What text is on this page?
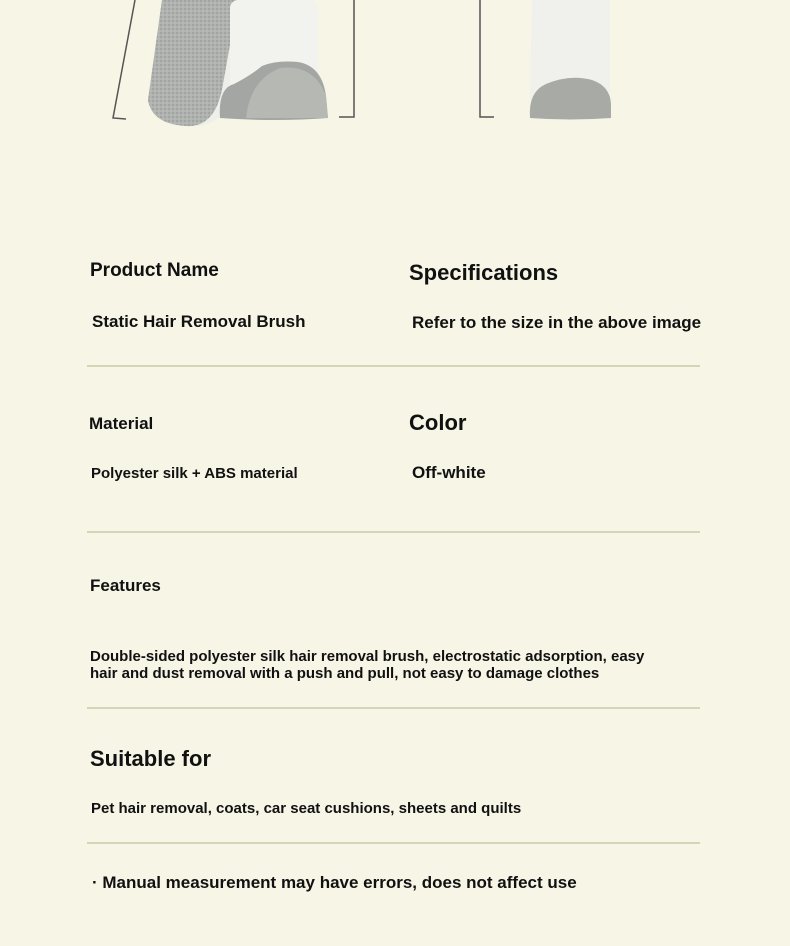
Product Name

Static Hair Removal Brush

Specifications

Refer to the size in the above image

Material

Polyester silk + ABS material

Color

Off-white

Features

Double-sided polyester silk hair removal brush, electrostatic adsorption, easy hair and dust removal with a push and pull, not easy to damage clothes

Suitable for

Pet hair removal, coats, car seat cushions, sheets and quilts

· Manual measurement may have errors, does not affect use
